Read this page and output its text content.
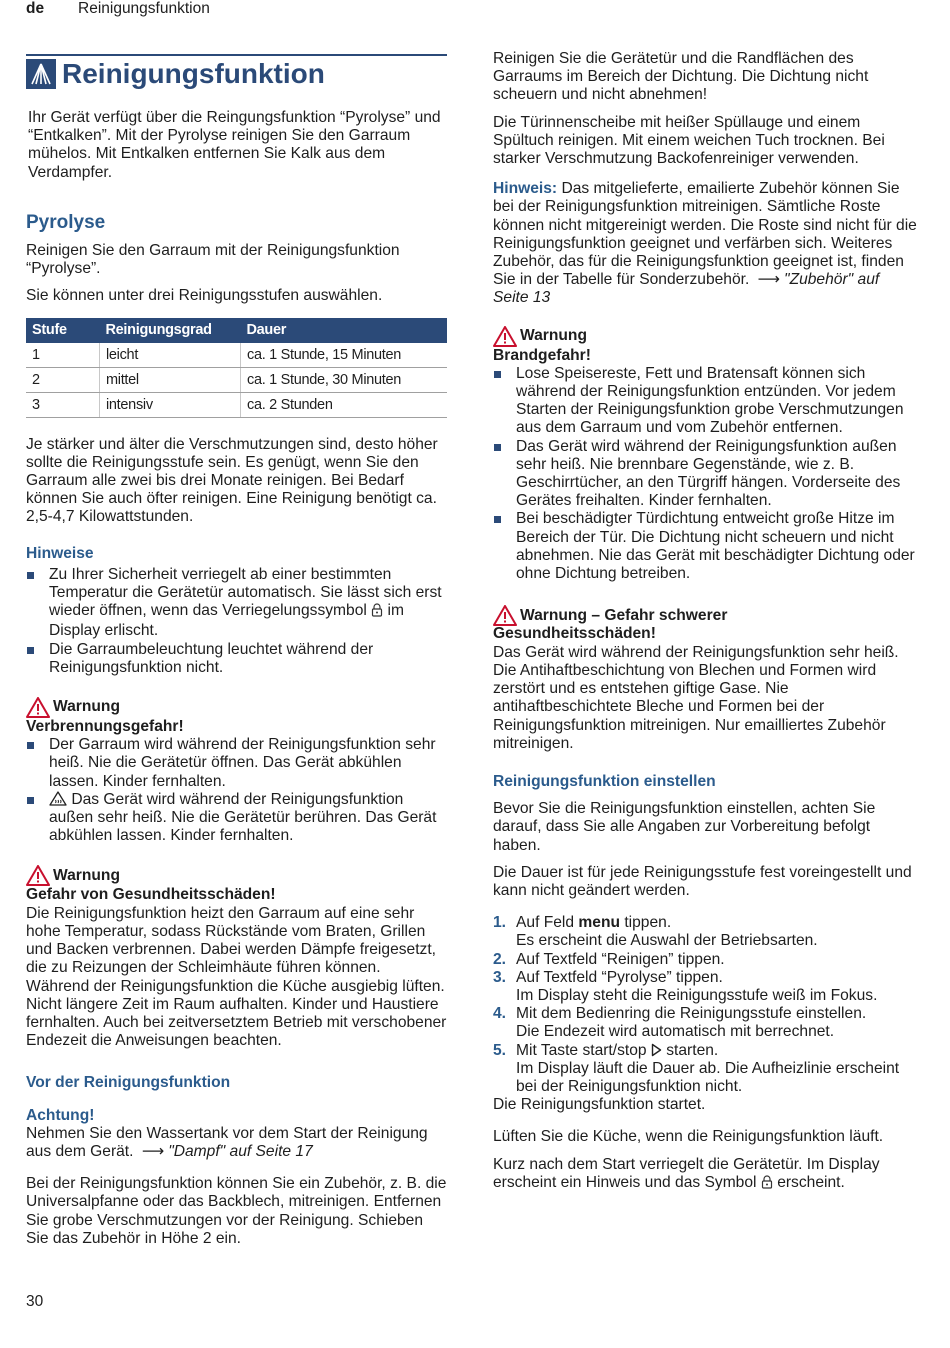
de Reinigungsfunktion
Reinigungsfunktion

Ihr Gerät verfügt über die Reingungsfunktion “Pyrolyse” und “Entkalken”. Mit der Pyrolyse reinigen Sie den Garraum mühelos. Mit Entkalken entfernen Sie Kalk aus dem Verdampfer.

Pyrolyse

Reinigen Sie den Garraum mit der Reinigungsfunktion “Pyrolyse”.

Sie können unter drei Reinigungsstufen auswählen.

Stufe	Reinigungsgrad	Dauer
1	leicht	ca. 1 Stunde, 15 Minuten
2	mittel	ca. 1 Stunde, 30 Minuten
3	intensiv	ca. 2 Stunden

Je stärker und älter die Verschmutzungen sind, desto höher sollte die Reinigungsstufe sein. Es genügt, wenn Sie den Garraum alle zwei bis drei Monate reinigen. Bei Bedarf können Sie auch öfter reinigen. Eine Reinigung benötigt ca. 2,5-4,7 Kilowattstunden.

Hinweise
Zu Ihrer Sicherheit verriegelt ab einer bestimmten Temperatur die Gerätetür automatisch. Sie lässt sich erst wieder öffnen, wenn das Verriegelungssymbol im Display erlischt.
Die Garraumbeleuchtung leuchtet während der Reinigungsfunktion nicht.
Warnung
Verbrennungsgefahr!
Der Garraum wird während der Reinigungsfunktion sehr heiß. Nie die Gerätetür öffnen. Das Gerät abkühlen lassen. Kinder fernhalten.
Das Gerät wird während der Reinigungsfunktion außen sehr heiß. Nie die Gerätetür berühren. Das Gerät abkühlen lassen. Kinder fernhalten.
Warnung
Gefahr von Gesundheitsschäden!

Die Reinigungsfunktion heizt den Garraum auf eine sehr hohe Temperatur, sodass Rückstände vom Braten, Grillen und Backen verbrennen. Dabei werden Dämpfe freigesetzt, die zu Reizungen der Schleimhäute führen können. Während der Reinigungsfunktion die Küche ausgiebig lüften. Nicht längere Zeit im Raum aufhalten. Kinder und Haustiere fernhalten. Auch bei zeitversetztem Betrieb mit verschobener Endezeit die Anweisungen beachten.

Vor der Reinigungsfunktion
Achtung!

Nehmen Sie den Wassertank vor dem Start der Reinigung aus dem Gerät. ⟶ "Dampf" auf Seite 17

Bei der Reinigungsfunktion können Sie ein Zubehör, z. B. die Universalpfanne oder das Backblech, mitreinigen. Entfernen Sie grobe Verschmutzungen vor der Reinigung. Schieben Sie das Zubehör in Höhe 2 ein.

Reinigen Sie die Gerätetür und die Randflächen des Garraums im Bereich der Dichtung. Die Dichtung nicht scheuern und nicht abnehmen!

Die Türinnenscheibe mit heißer Spüllauge und einem Spültuch reinigen. Mit einem weichen Tuch trocknen. Bei starker Verschmutzung Backofenreiniger verwenden.

Hinweis: Das mitgelieferte, emailierte Zubehör können Sie bei der Reinigungsfunktion mitreinigen. Sämtliche Roste können nicht mitgereinigt werden. Die Roste sind nicht für die Reinigungsfunktion geeignet und verfärben sich. Weiteres Zubehör, das für die Reinigungsfunktion geeignet ist, finden Sie in der Tabelle für Sonderzubehör. ⟶ "Zubehör" auf Seite 13

Warnung
Brandgefahr!
Lose Speisereste, Fett und Bratensaft können sich während der Reinigungsfunktion entzünden. Vor jedem Starten der Reinigungsfunktion grobe Verschmutzungen aus dem Garraum und vom Zubehör entfernen.
Das Gerät wird während der Reinigungsfunktion außen sehr heiß. Nie brennbare Gegenstände, wie z. B. Geschirrtücher, an den Türgriff hängen. Vorderseite des Gerätes freihalten. Kinder fernhalten.
Bei beschädigter Türdichtung entweicht große Hitze im Bereich der Tür. Die Dichtung nicht scheuern und nicht abnehmen. Nie das Gerät mit beschädigter Dichtung oder ohne Dichtung betreiben.
Warnung – Gefahr schwerer Gesundheitsschäden!

Das Gerät wird während der Reinigungsfunktion sehr heiß. Die Antihaftbeschichtung von Blechen und Formen wird zerstört und es entstehen giftige Gase. Nie antihaftbeschichtete Bleche und Formen bei der Reinigungsfunktion mitreinigen. Nur emailliertes Zubehör mitreinigen.

Reinigungsfunktion einstellen

Bevor Sie die Reinigungsfunktion einstellen, achten Sie darauf, dass Sie alle Angaben zur Vorbereitung befolgt haben.

Die Dauer ist für jede Reinigungsstufe fest voreingestellt und kann nicht geändert werden.

1. Auf Feld menu tippen.
Es erscheint die Auswahl der Betriebsarten.
2. Auf Textfeld “Reinigen” tippen.
3. Auf Textfeld “Pyrolyse” tippen.
Im Display steht die Reinigungsstufe weiß im Fokus.
4. Mit dem Bedienring die Reinigungsstufe einstellen.
Die Endezeit wird automatisch mit berrechnet.
5. Mit Taste start/stop  starten.
Im Display läuft die Dauer ab. Die Aufheizlinie erscheint bei der Reinigungsfunktion nicht.

Die Reinigungsfunktion startet.

Lüften Sie die Küche, wenn die Reinigungsfunktion läuft.

Kurz nach dem Start verriegelt die Gerätetür. Im Display erscheint ein Hinweis und das Symbol erscheint.

30
